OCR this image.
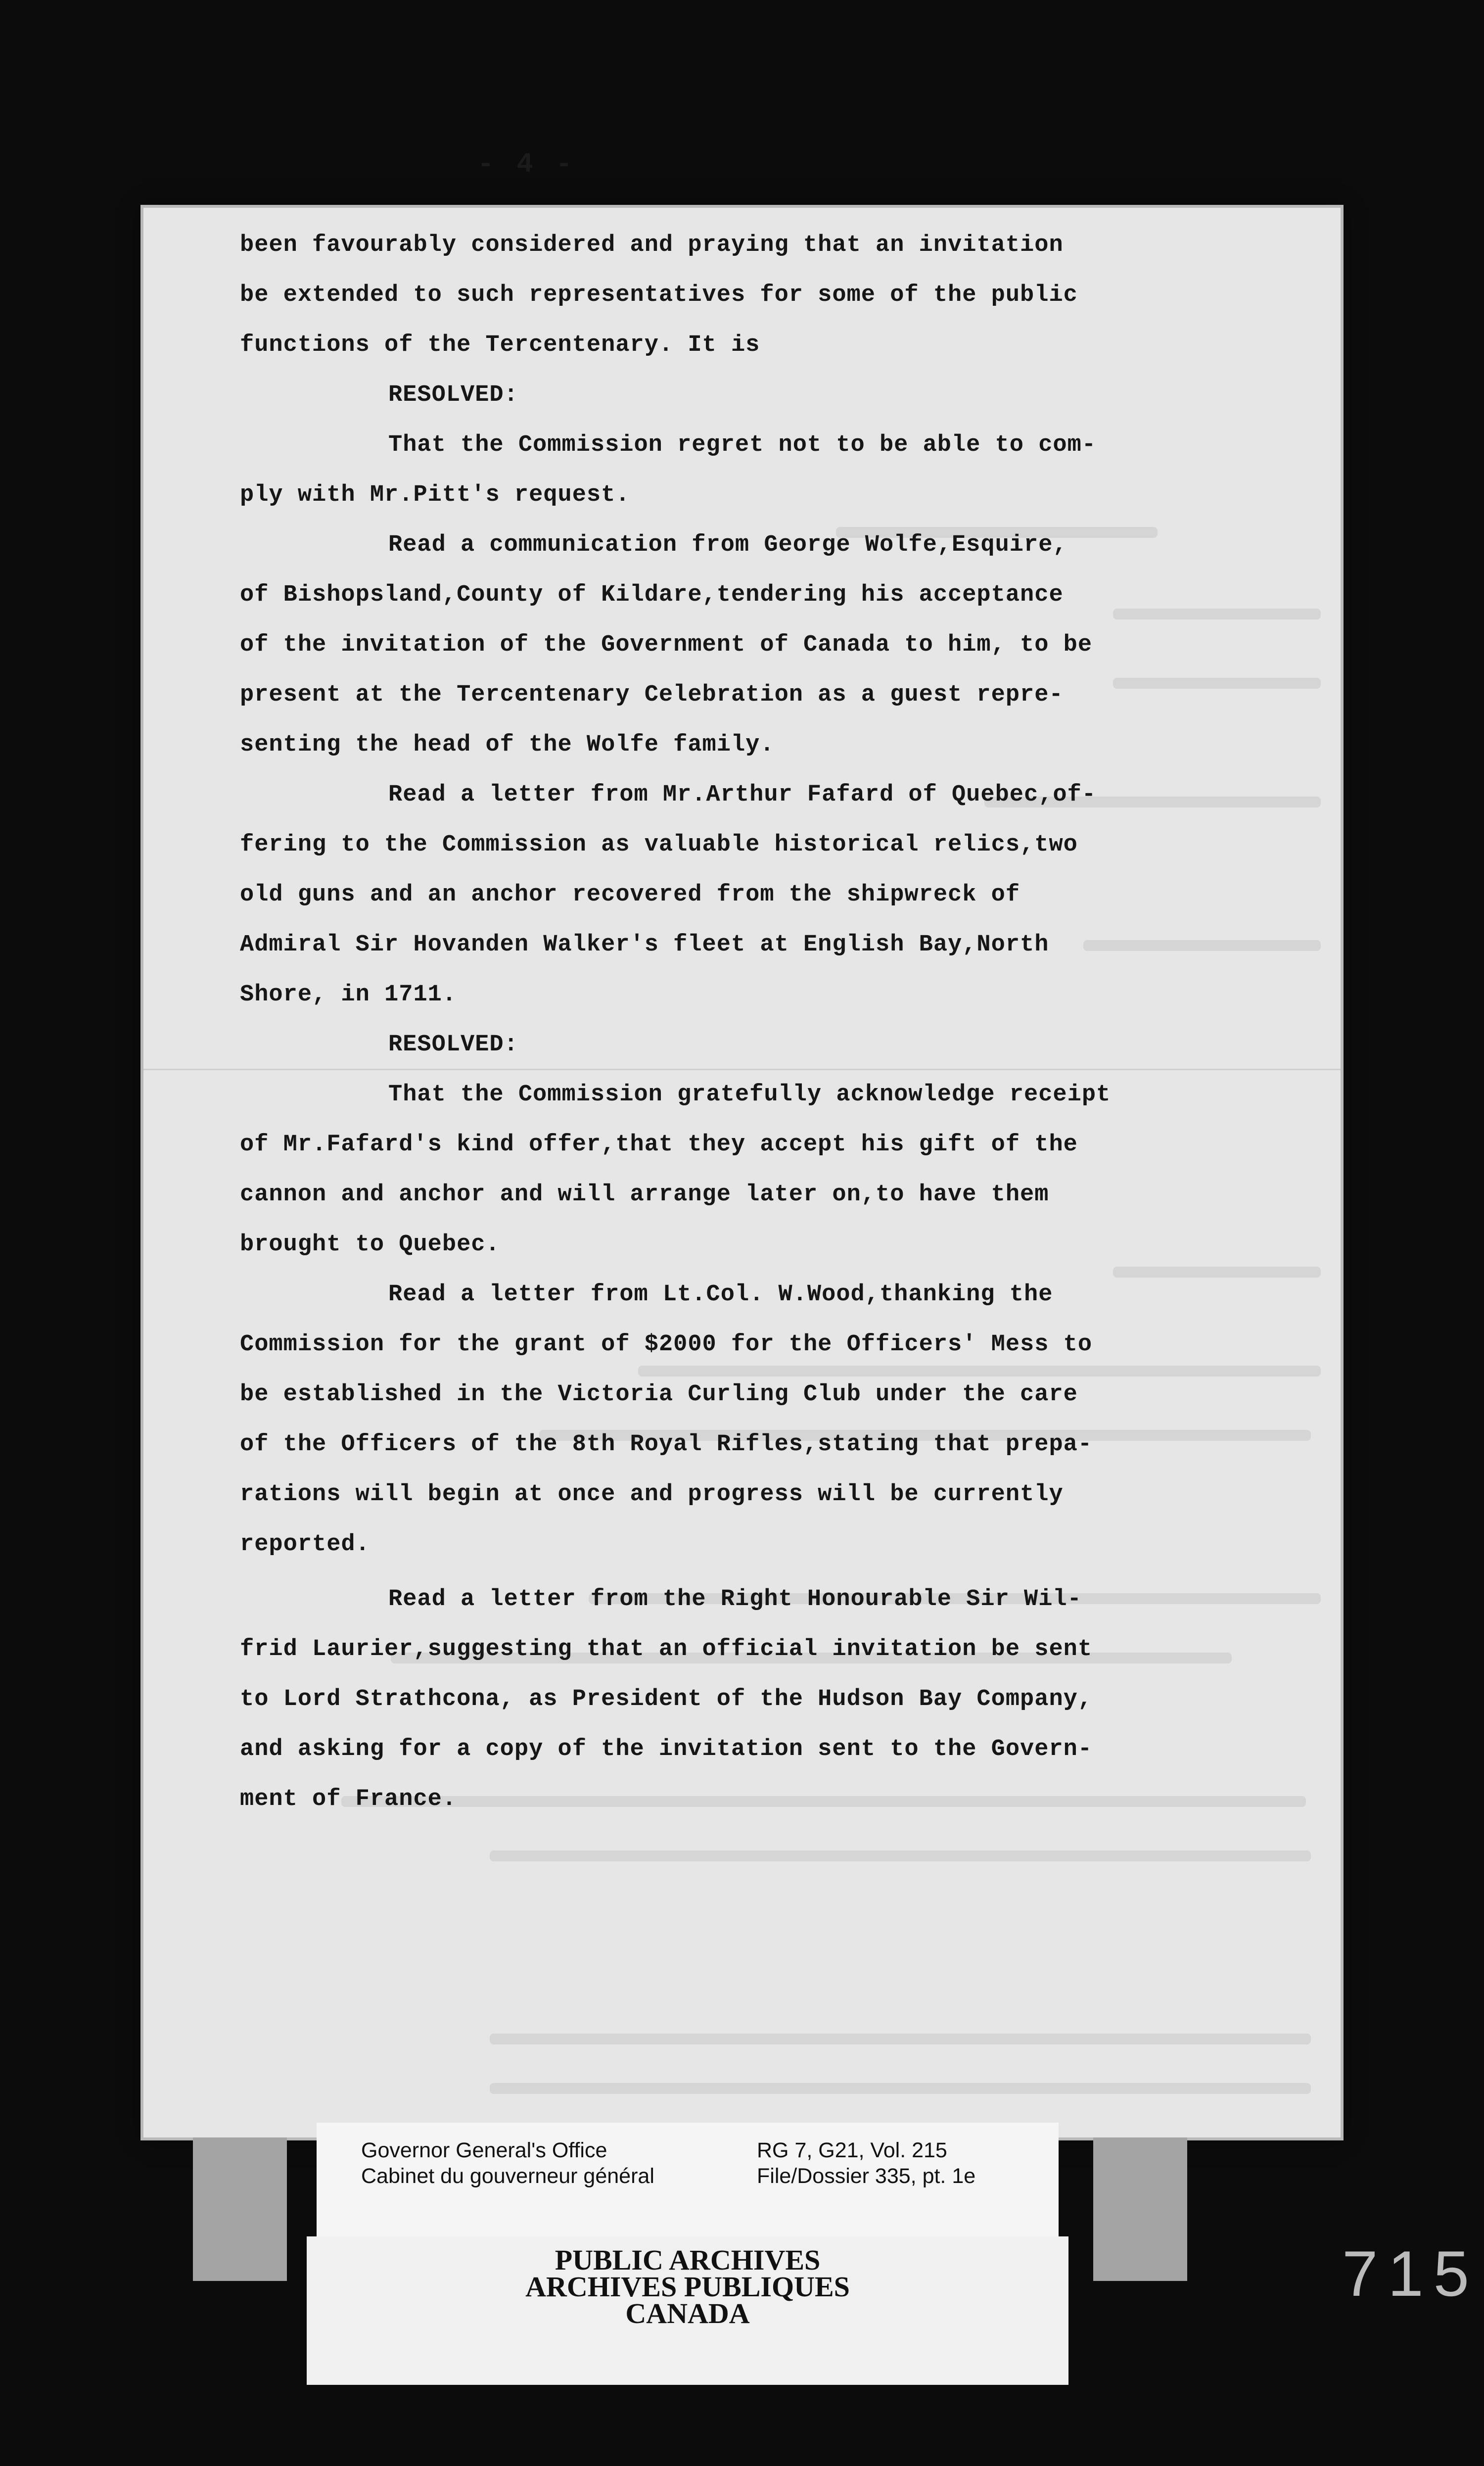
- 4 -
been favourably considered and praying that an invitation
be extended to such representatives for some of the public
functions of the Tercentenary. It is
RESOLVED:
That the Commission regret not to be able to com-
ply with Mr.Pitt's request.
Read a communication from George Wolfe,Esquire,
of Bishopsland,County of Kildare,tendering his acceptance
of the invitation of the Government of Canada to him, to be
present at the Tercentenary Celebration as a guest repre-
senting the head of the Wolfe family.
Read a letter from Mr.Arthur Fafard of Quebec,of-
fering to the Commission as valuable historical relics,two
old guns and an anchor recovered from the shipwreck of
Admiral Sir Hovanden Walker's fleet at English Bay,North
Shore, in 1711.
RESOLVED:
That the Commission gratefully acknowledge receipt
of Mr.Fafard's kind offer,that they accept his gift of the
cannon and anchor and will arrange later on,to have them
brought to Quebec.
Read a letter from Lt.Col. W.Wood,thanking the
Commission for the grant of $2000 for the Officers' Mess to
be established in the Victoria Curling Club under the care
of the Officers of the 8th Royal Rifles,stating that prepa-
rations will begin at once and progress will be currently
reported.
Read a letter from the Right Honourable Sir Wil-
frid Laurier,suggesting that an official invitation be sent
to Lord Strathcona, as President of the Hudson Bay Company,
and asking for a copy of the invitation sent to the Govern-
ment of France.
Governor General's Office
Cabinet du gouverneur général
RG 7, G21, Vol. 215
File/Dossier 335, pt. 1e
PUBLIC ARCHIVES
ARCHIVES PUBLIQUES
CANADA
715
